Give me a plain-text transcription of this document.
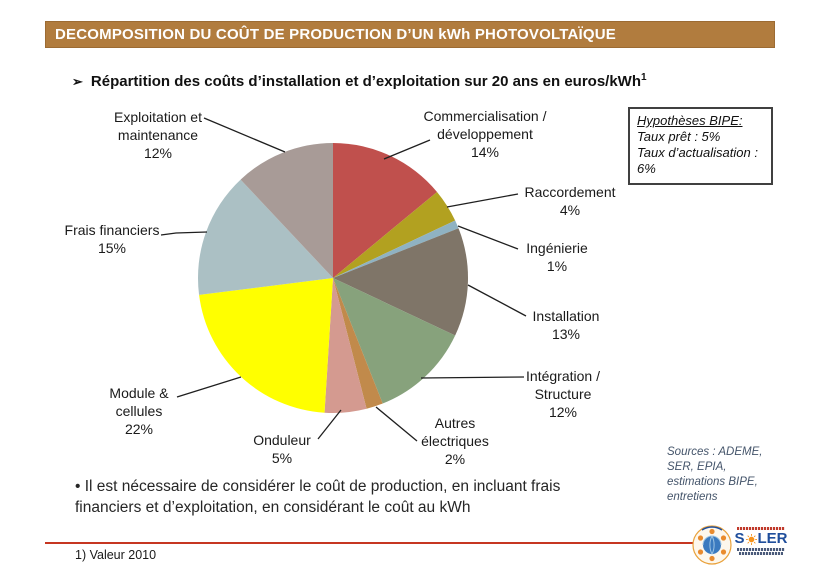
DECOMPOSITION DU COÛT DE PRODUCTION D’UN kWh PHOTOVOLTAÏQUE
➢ Répartition des coûts d’installation et d’exploitation sur 20 ans en euros/kWh$^1$
Exploitation et maintenance
12%
Commercialisation / développement
14%
Raccordement
4%
Ingénierie
1%
Installation
13%
Intégration / Structure
12%
Autres électriques
2%
Onduleur
5%
Module & cellules
22%
Frais financiers
15%
Hypothèses BIPE:
Taux prêt : 5%
Taux d’actualisation :
6%
• Il est nécessaire de considérer le coût de production, en incluant frais
financiers et d’exploitation, en considérant le coût au kWh
Sources : ADEME,
SER, EPIA,
estimations BIPE,
entretiens
1) Valeur 2010
S LER
